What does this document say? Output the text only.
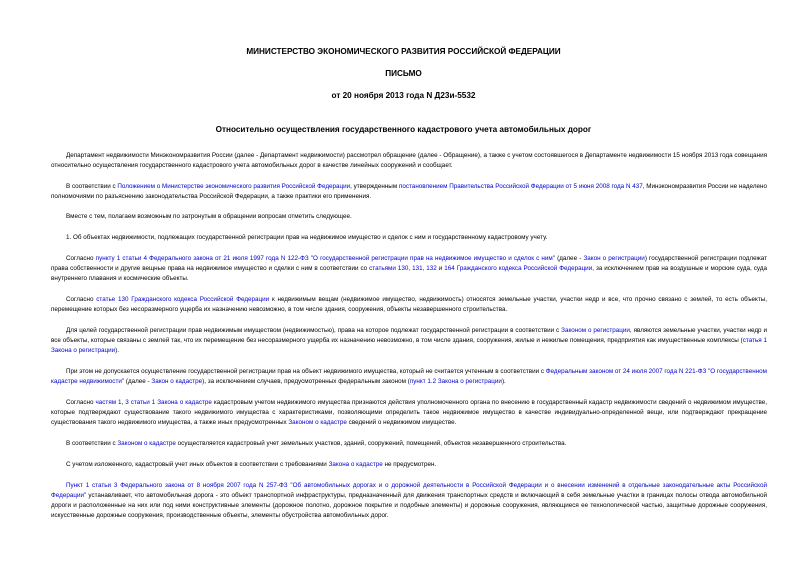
МИНИСТЕРСТВО ЭКОНОМИЧЕСКОГО РАЗВИТИЯ РОССИЙСКОЙ ФЕДЕРАЦИИ
ПИСЬМО
от 20 ноября 2013 года N Д23и-5532
Относительно осуществления государственного кадастрового учета автомобильных дорог
Департамент недвижимости Минэкономразвития России (далее - Департамент недвижимости) рассмотрел обращение (далее - Обращение), а также с учетом состоявшегося в Департаменте недвижимости 15 ноября 2013 года совещания относительно осуществления государственного кадастрового учета автомобильных дорог в качестве линейных сооружений и сообщает.
В соответствии с Положением о Министерстве экономического развития Российской Федерации, утвержденным постановлением Правительства Российской Федерации от 5 июня 2008 года N 437, Минэкономразвития России не наделено полномочиями по разъяснению законодательства Российской Федерации, а также практики его применения.
Вместе с тем, полагаем возможным по затронутым в обращении вопросам отметить следующее.
1. Об объектах недвижимости, подлежащих государственной регистрации прав на недвижимое имущество и сделок с ним и государственному кадастровому учету.
Согласно пункту 1 статьи 4 Федерального закона от 21 июля 1997 года N 122-ФЗ "О государственной регистрации прав на недвижимое имущество и сделок с ним" (далее - Закон о регистрации) государственной регистрации подлежат права собственности и другие вещные права на недвижимое имущество и сделки с ним в соответствии со статьями 130, 131, 132 и 164 Гражданского кодекса Российской Федерации, за исключением прав на воздушные и морские суда, суда внутреннего плавания и космические объекты.
Согласно статье 130 Гражданского кодекса Российской Федерации к недвижимым вещам (недвижимое имущество, недвижимость) относятся земельные участки, участки недр и все, что прочно связано с землей, то есть объекты, перемещение которых без несоразмерного ущерба их назначению невозможно, в том числе здания, сооружения, объекты незавершенного строительства.
Для целей государственной регистрации прав недвижимым имуществом (недвижимостью), права на которое подлежат государственной регистрации в соответствии с Законом о регистрации, являются земельные участки, участки недр и все объекты, которые связаны с землей так, что их перемещение без несоразмерного ущерба их назначению невозможно, в том числе здания, сооружения, жилые и нежилые помещения, предприятия как имущественные комплексы (статья 1 Закона о регистрации).
При этом не допускается осуществление государственной регистрации прав на объект недвижимого имущества, который не считается учтенным в соответствии с Федеральным законом от 24 июля 2007 года N 221-ФЗ "О государственном кадастре недвижимости" (далее - Закон о кадастре), за исключением случаев, предусмотренных федеральным законом (пункт 1.2 Закона о регистрации).
Согласно частям 1, 3 статьи 1 Закона о кадастре кадастровым учетом недвижимого имущества признаются действия уполномоченного органа по внесению в государственный кадастр недвижимости сведений о недвижимом имуществе, которые подтверждают существование такого недвижимого имущества с характеристиками, позволяющими определить такое недвижимое имущество в качестве индивидуально-определенной вещи, или подтверждают прекращение существования такого недвижимого имущества, а также иных предусмотренных Законом о кадастре сведений о недвижимом имуществе.
В соответствии с Законом о кадастре осуществляется кадастровый учет земельных участков, зданий, сооружений, помещений, объектов незавершенного строительства.
С учетом изложенного, кадастровый учет иных объектов в соответствии с требованиями Закона о кадастре не предусмотрен.
Пункт 1 статьи 3 Федерального закона от 8 ноября 2007 года N 257-ФЗ "Об автомобильных дорогах и о дорожной деятельности в Российской Федерации и о внесении изменений в отдельные законодательные акты Российской Федерации" устанавливает, что автомобильная дорога - это объект транспортной инфраструктуры, предназначенный для движения транспортных средств и включающий в себя земельные участки в границах полосы отвода автомобильной дороги и расположенные на них или под ними конструктивные элементы (дорожное полотно, дорожное покрытие и подобные элементы) и дорожные сооружения, являющиеся ее технологической частью, защитные дорожные сооружения, искусственные дорожные сооружения, производственные объекты, элементы обустройства автомобильных дорог.
